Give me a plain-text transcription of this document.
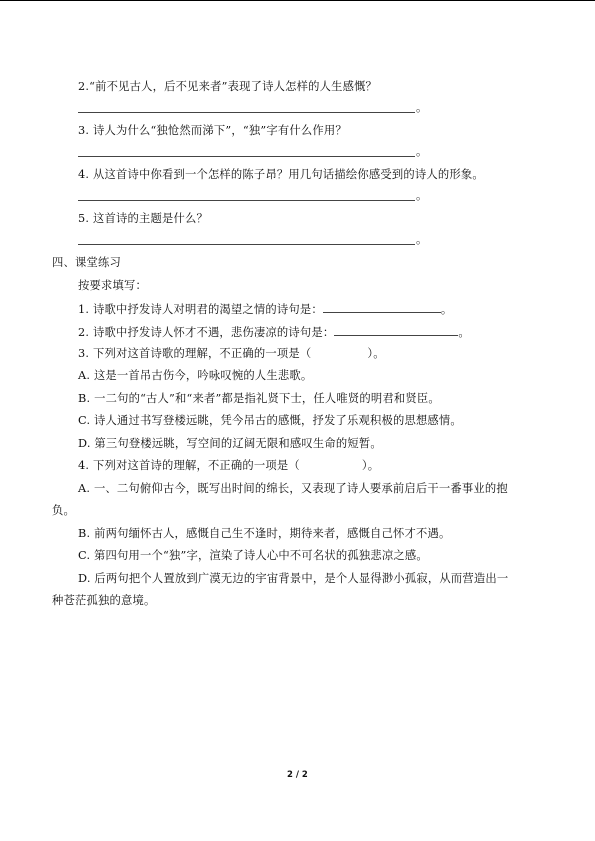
2.“前不见古人，后不见来者”表现了诗人怎样的人生感慨？
。
3. 诗人为什么“独怆然而涕下”，“独”字有什么作用？
。
4. 从这首诗中你看到一个怎样的陈子昂？用几句话描绘你感受到的诗人的形象。
。
5. 这首诗的主题是什么？
。
四、课堂练习
按要求填写：
1. 诗歌中抒发诗人对明君的渴望之情的诗句是：	。
2. 诗歌中抒发诗人怀才不遇，悲伤凄凉的诗句是：	。
3. 下列对这首诗歌的理解，不正确的一项是（	）。
A. 这是一首吊古伤今，吟咏叹惋的人生悲歌。
B. 一二句的“古人”和“来者”都是指礼贤下士，任人唯贤的明君和贤臣。
C. 诗人通过书写登楼远眺，凭今吊古的感慨，抒发了乐观积极的思想感情。
D. 第三句登楼远眺，写空间的辽阔无限和感叹生命的短暂。
4. 下列对这首诗的理解，不正确的一项是（	）。
A. 一、二句俯仰古今，既写出时间的绵长，又表现了诗人要承前启后干一番事业的抱
负。
B. 前两句缅怀古人，感慨自己生不逢时，期待来者，感慨自己怀才不遇。
C. 第四句用一个“独”字，渲染了诗人心中不可名状的孤独悲凉之感。
D. 后两句把个人置放到广漠无边的宇宙背景中，是个人显得渺小孤寂，从而营造出一
种苍茫孤独的意境。
2 / 2
